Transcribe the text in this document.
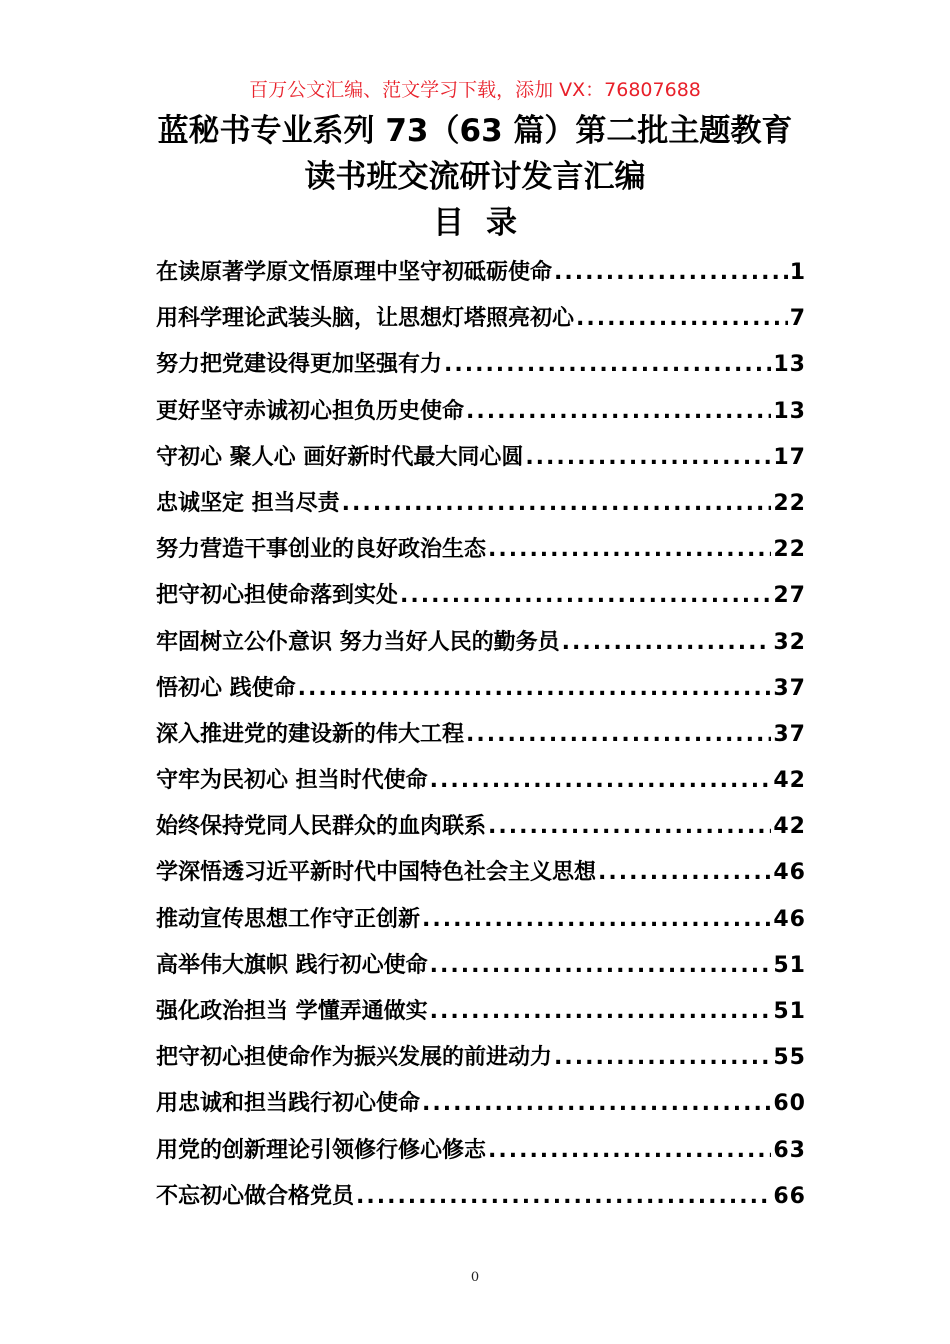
百万公文汇编、范文学习下载，添加 VX：76807688
蓝秘书专业系列 73（63 篇）第二批主题教育
读书班交流研讨发言汇编
目录
在读原著学原文悟原理中坚守初砥砺使命 .....	1
用科学理论武装头脑，让思想灯塔照亮初心 .....	7
努力把党建设得更加坚强有力 .....	13
更好坚守赤诚初心担负历史使命 .....	13
守初心 聚人心 画好新时代最大同心圆 .....	17
忠诚坚定 担当尽责 .....	22
努力营造干事创业的良好政治生态 .....	22
把守初心担使命落到实处 .....	27
牢固树立公仆意识 努力当好人民的勤务员 .....	32
悟初心 践使命 .....	37
深入推进党的建设新的伟大工程 .....	37
守牢为民初心 担当时代使命 .....	42
始终保持党同人民群众的血肉联系 .....	42
学深悟透习近平新时代中国特色社会主义思想 .....	46
推动宣传思想工作守正创新 .....	46
高举伟大旗帜 践行初心使命 .....	51
强化政治担当 学懂弄通做实 .....	51
把守初心担使命作为振兴发展的前进动力 .....	55
用忠诚和担当践行初心使命 .....	60
用党的创新理论引领修行修心修志 .....	63
不忘初心做合格党员 .....	66
0
